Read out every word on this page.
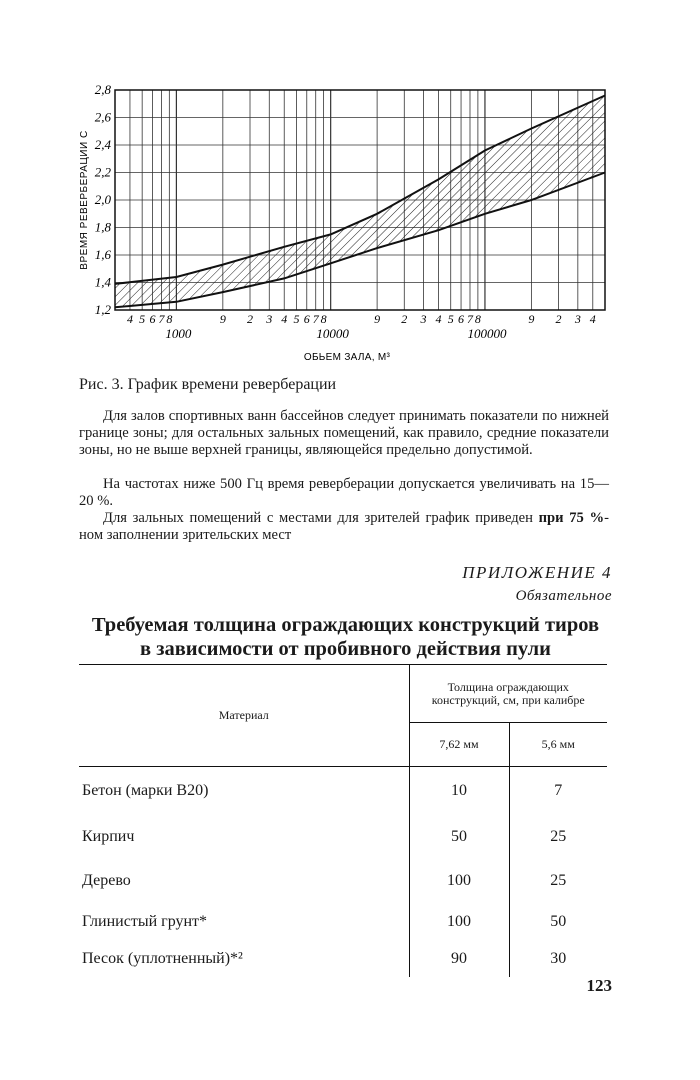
2,8
2,6
2,4
2,2
2,0
1,8
1,6
1,4
1,2
4 5 6 7 8	9 2 3 4 5 6 7 8	9 2 3 4 5 6 7 8	9 2 3 4
1000	10000	100000
ВРЕМЯ РЕВЕРБЕРАЦИИ С
ОБЬЕМ ЗАЛА, М³
Рис. 3. График времени реверберации
Для залов спортивных ванн бассейнов следует принимать показатели по нижней границе зоны; для остальных зальных помещений, как правило, средние показатели зоны, но не выше верхней границы, являющейся предельно допустимой.
На частотах ниже 500 Гц время реверберации допускается увеличивать на 15—20 %.
Для зальных помещений с местами для зрителей график приведен при 75 %-ном заполнении зрительских мест
ПРИЛОЖЕНИЕ 4
Обязательное
Требуемая толщина ограждающих конструкций тиров
в зависимости от пробивного действия пули
Материал	Толщина ограждающих конструкций, см, при калибре	
	7,62 мм	5,6 мм
Бетон (марки В20)	10	7
Кирпич	50	25
Дерево	100	25
Глинистый грунт*	100	50
Песок (уплотненный)*²	90	30
123
